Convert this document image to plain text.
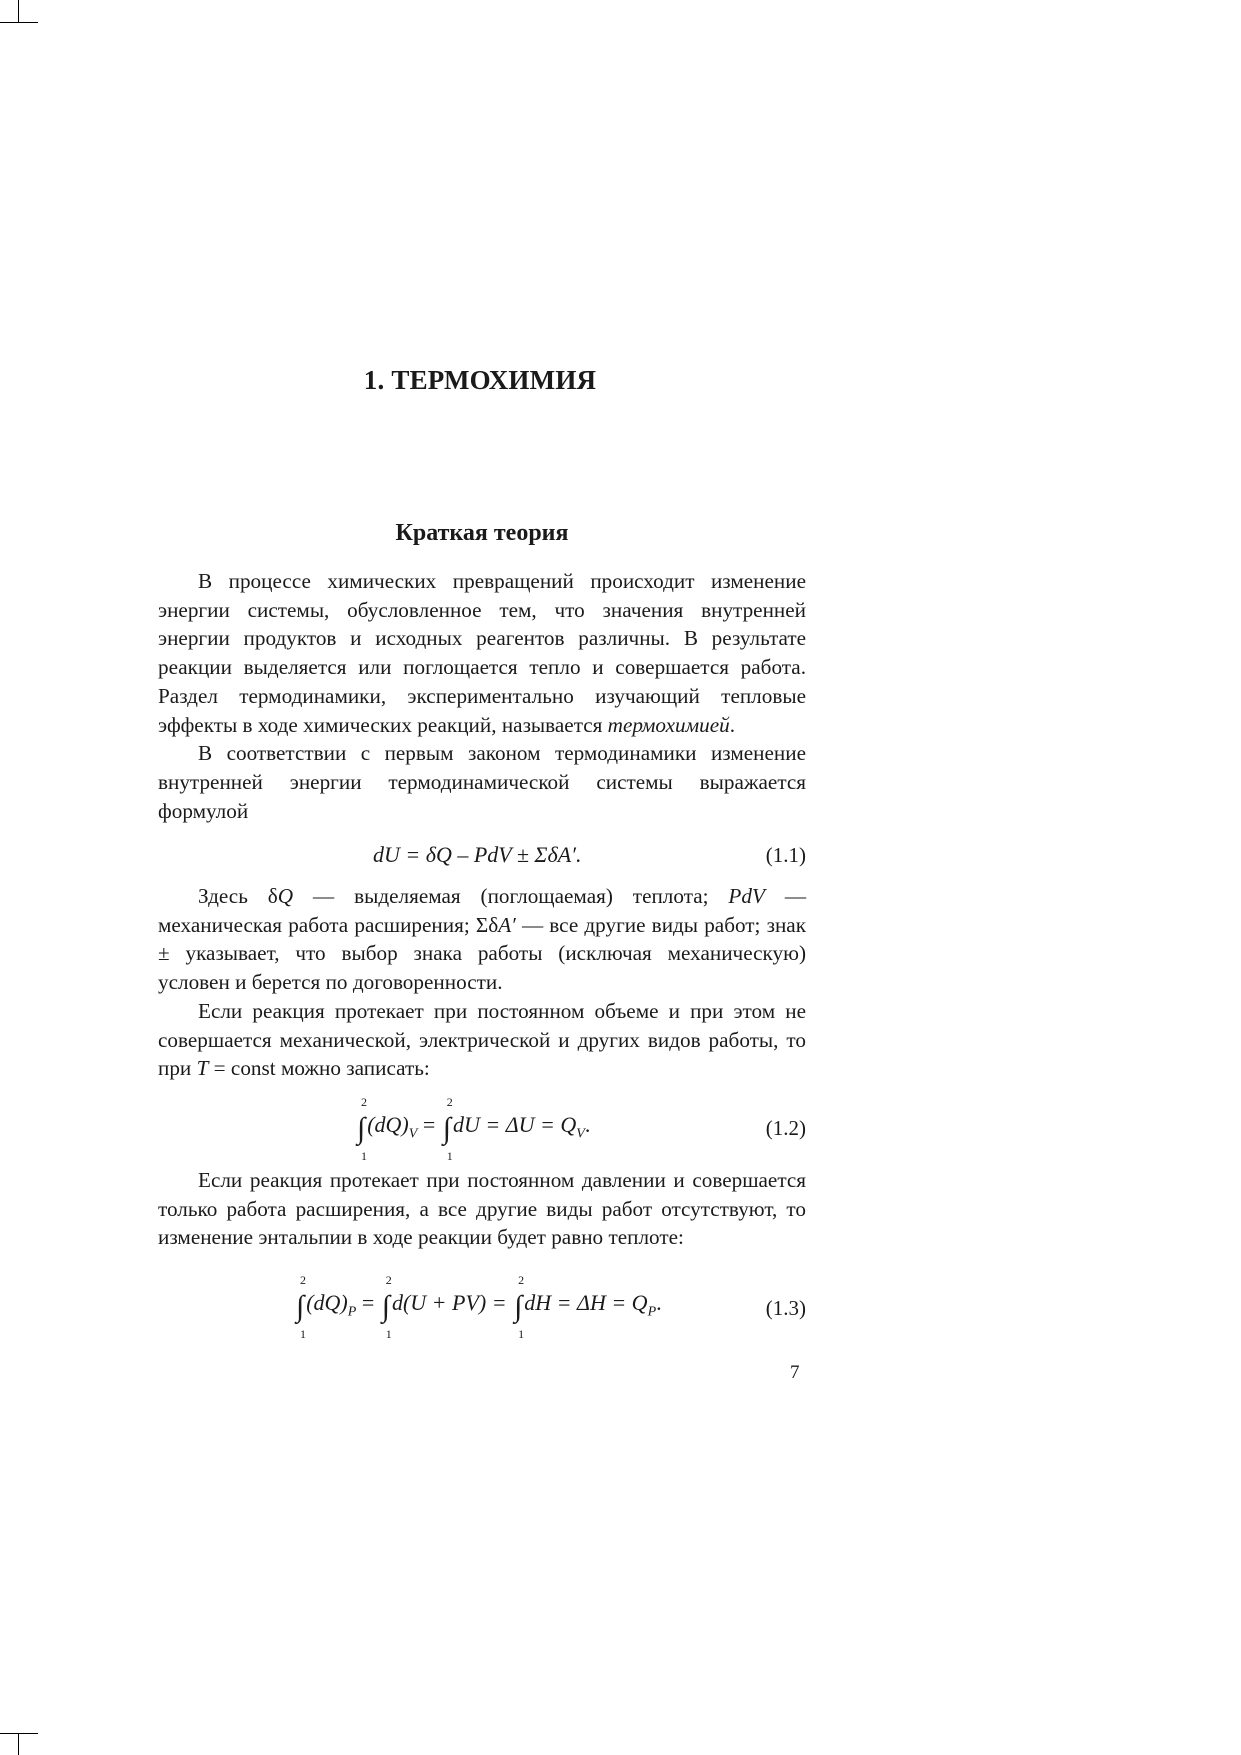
1. ТЕРМОХИМИЯ
Краткая теория

В процессе химических превращений происходит изменение энергии системы, обусловленное тем, что значения внутренней энергии продуктов и исходных реагентов различны. В результате реакции выделяется или поглощается тепло и совершается работа. Раздел термодинамики, экспериментально изучающий тепловые эффекты в ходе химических реакций, называется термохимией.

В соответствии с первым законом термодинамики изменение внутренней энергии термодинамической системы выражается формулой

dU = δQ – PdV ± ΣδA′.	(1.1)

Здесь δQ — выделяемая (поглощаемая) теплота; PdV — механическая работа расширения; ΣδA′ — все другие виды работ; знак ± указывает, что выбор знака работы (исключая механическую) условен и берется по договоренности.

Если реакция протекает при постоянном объеме и при этом не совершается механической, электрической и других видов работы, то при T = const можно записать:

∫
2
1
$(dQ)_V$ = ∫
2
1
dU = $\Delta U = Q_V$.	(1.2)

Если реакция протекает при постоянном давлении и совершается только работа расширения, а все другие виды работ отсутствуют, то изменение энтальпии в ходе реакции будет равно теплоте:

∫
2
1
$(dQ)_P$ = ∫
2
1
d(U + PV) = ∫
2
1
dH = $\Delta H = Q_P$.	(1.3)

7
